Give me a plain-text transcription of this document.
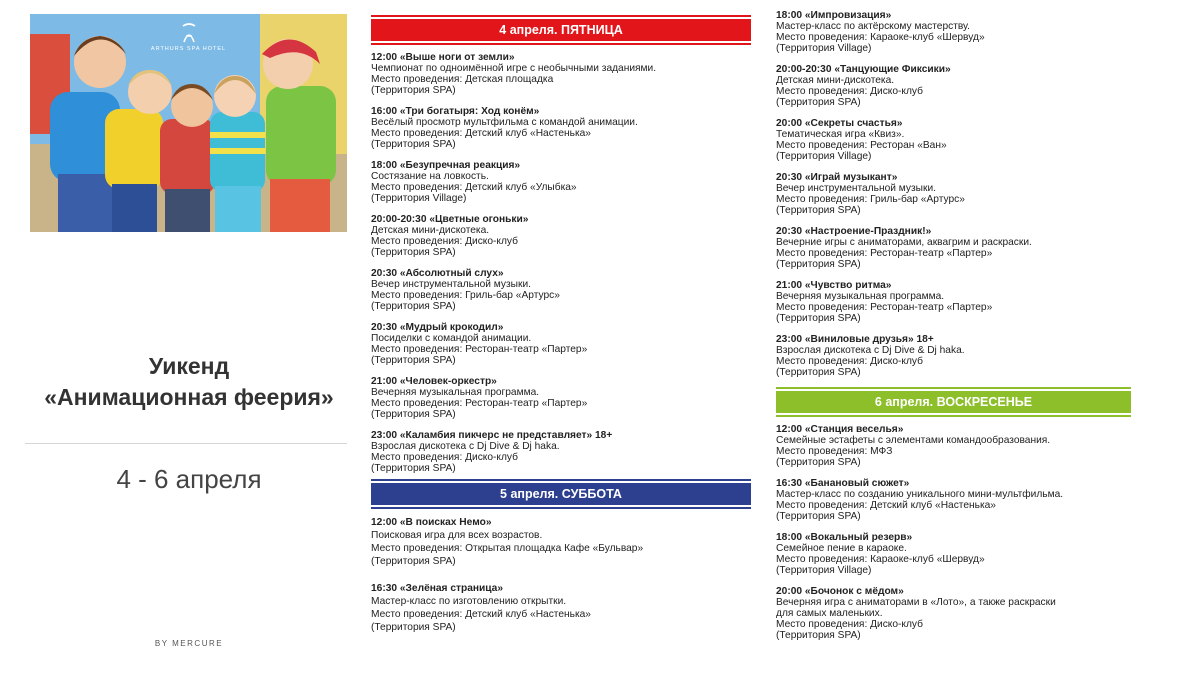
ARTHURS SPA HOTEL
Уикенд
«Анимационная феерия»
4 - 6 апреля
BY MERCURE
4 апреля. ПЯТНИЦА
12:00 «Выше ноги от земли»
Чемпионат по одноимённой игре с необычными заданиями.
Место проведения: Детская площадка
(Территория SPA)
16:00 «Три богатыря: Ход конём»
Весёлый просмотр мультфильма с командой анимации.
Место проведения: Детский клуб «Настенька»
(Территория SPA)
18:00 «Безупречная реакция»
Состязание на ловкость.
Место проведения: Детский клуб «Улыбка»
(Территория Village)
20:00-20:30 «Цветные огоньки»
Детская мини-дискотека.
Место проведения: Диско-клуб
(Территория SPA)
20:30 «Абсолютный слух»
Вечер инструментальной музыки.
Место проведения: Гриль-бар «Артурс»
(Территория SPA)
20:30 «Мудрый крокодил»
Посиделки с командой анимации.
Место проведения: Ресторан-театр «Партер»
(Территория SPA)
21:00 «Человек-оркестр»
Вечерняя музыкальная программа.
Место проведения: Ресторан-театр «Партер»
(Территория SPA)
23:00 «Каламбия пикчерс не представляет» 18+
Взрослая дискотека с Dj Dive & Dj haka.
Место проведения: Диско-клуб
(Территория SPA)
5 апреля. СУББОТА
12:00 «В поисках Немо»
Поисковая игра для всех возрастов.
Место проведения: Открытая площадка Кафе «Бульвар»
(Территория SPA)
16:30 «Зелёная страница»
Мастер-класс по изготовлению открытки.
Место проведения: Детский клуб «Настенька»
(Территория SPA)
18:00 «Импровизация»
Мастер-класс по актёрскому мастерству.
Место проведения: Караоке-клуб «Шервуд»
(Территория Village)
20:00-20:30 «Танцующие Фиксики»
Детская мини-дискотека.
Место проведения: Диско-клуб
(Территория SPA)
20:00 «Секреты счастья»
Тематическая игра «Квиз».
Место проведения: Ресторан «Ван»
(Территория Village)
20:30 «Играй музыкант»
Вечер инструментальной музыки.
Место проведения: Гриль-бар «Артурс»
(Территория SPA)
20:30 «Настроение-Праздник!»
Вечерние игры с аниматорами, аквагрим и раскраски.
Место проведения: Ресторан-театр «Партер»
(Территория SPA)
21:00 «Чувство ритма»
Вечерняя музыкальная программа.
Место проведения: Ресторан-театр «Партер»
(Территория SPA)
23:00 «Виниловые друзья» 18+
Взрослая дискотека с Dj Dive & Dj haka.
Место проведения: Диско-клуб
(Территория SPA)
6 апреля. ВОСКРЕСЕНЬЕ
12:00 «Станция веселья»
Семейные эстафеты с элементами командообразования.
Место проведения: МФЗ
(Территория SPA)
16:30 «Банановый сюжет»
Мастер-класс по созданию уникального мини-мультфильма.
Место проведения: Детский клуб «Настенька»
(Территория SPA)
18:00 «Вокальный резерв»
Семейное пение в караоке.
Место проведения: Караоке-клуб «Шервуд»
(Территория Village)
20:00 «Бочонок с мёдом»
Вечерняя игра с аниматорами в «Лото», а также раскраски
для самых маленьких.
Место проведения: Диско-клуб
(Территория SPA)
